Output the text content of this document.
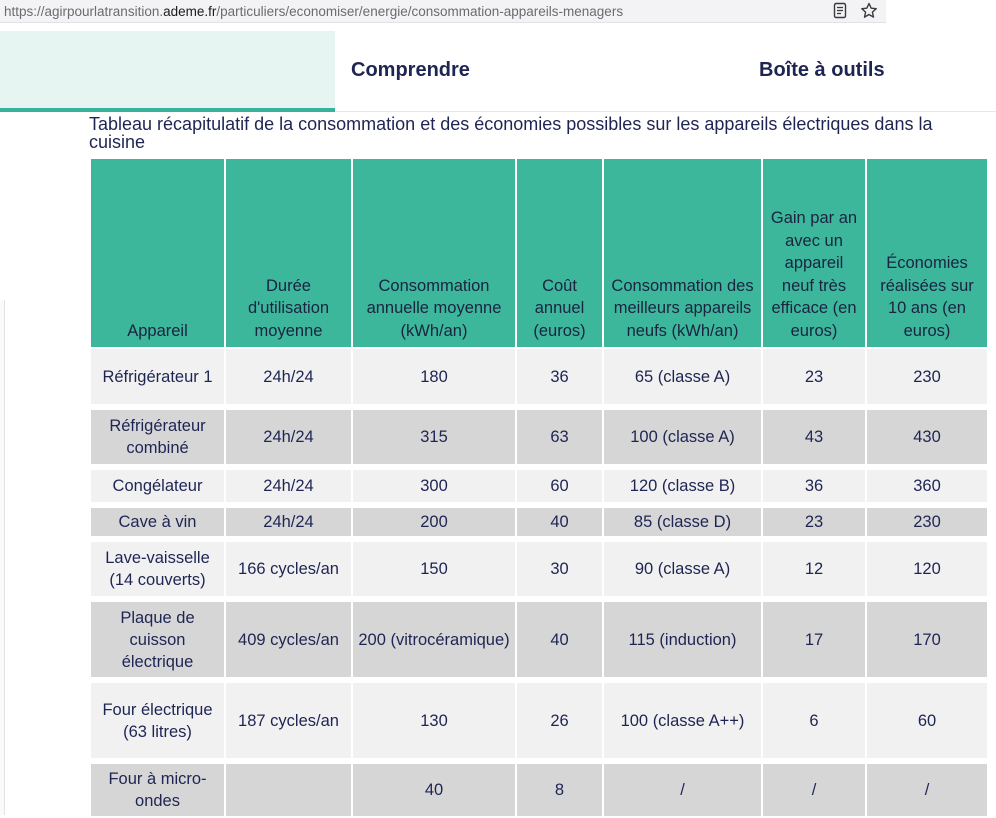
https://agirpourlatransition.ademe.fr/particuliers/economiser/energie/consommation-appareils-menagers
Comprendre	Boîte à outils
Tableau récapitulatif de la consommation et des économies possibles sur les appareils électriques dans la cuisine
Appareil	Durée d'utilisation moyenne	Consommation annuelle moyenne (kWh/an)	Coût annuel (euros)	Consommation des meilleurs appareils neufs (kWh/an)	Gain par an avec un appareil neuf très efficace (en euros)	Économies réalisées sur 10 ans (en euros)
Réfrigérateur 1	24h/24	180	36	65 (classe A)	23	230
Réfrigérateur combiné	24h/24	315	63	100 (classe A)	43	430
Congélateur	24h/24	300	60	120 (classe B)	36	360
Cave à vin	24h/24	200	40	85 (classe D)	23	230
Lave-vaisselle (14 couverts)	166 cycles/an	150	30	90 (classe A)	12	120
Plaque de cuisson électrique	409 cycles/an	200 (vitrocéramique)	40	115 (induction)	17	170
Four électrique (63 litres)	187 cycles/an	130	26	100 (classe A++)	6	60
Four à micro-ondes		40	8	/	/	/
